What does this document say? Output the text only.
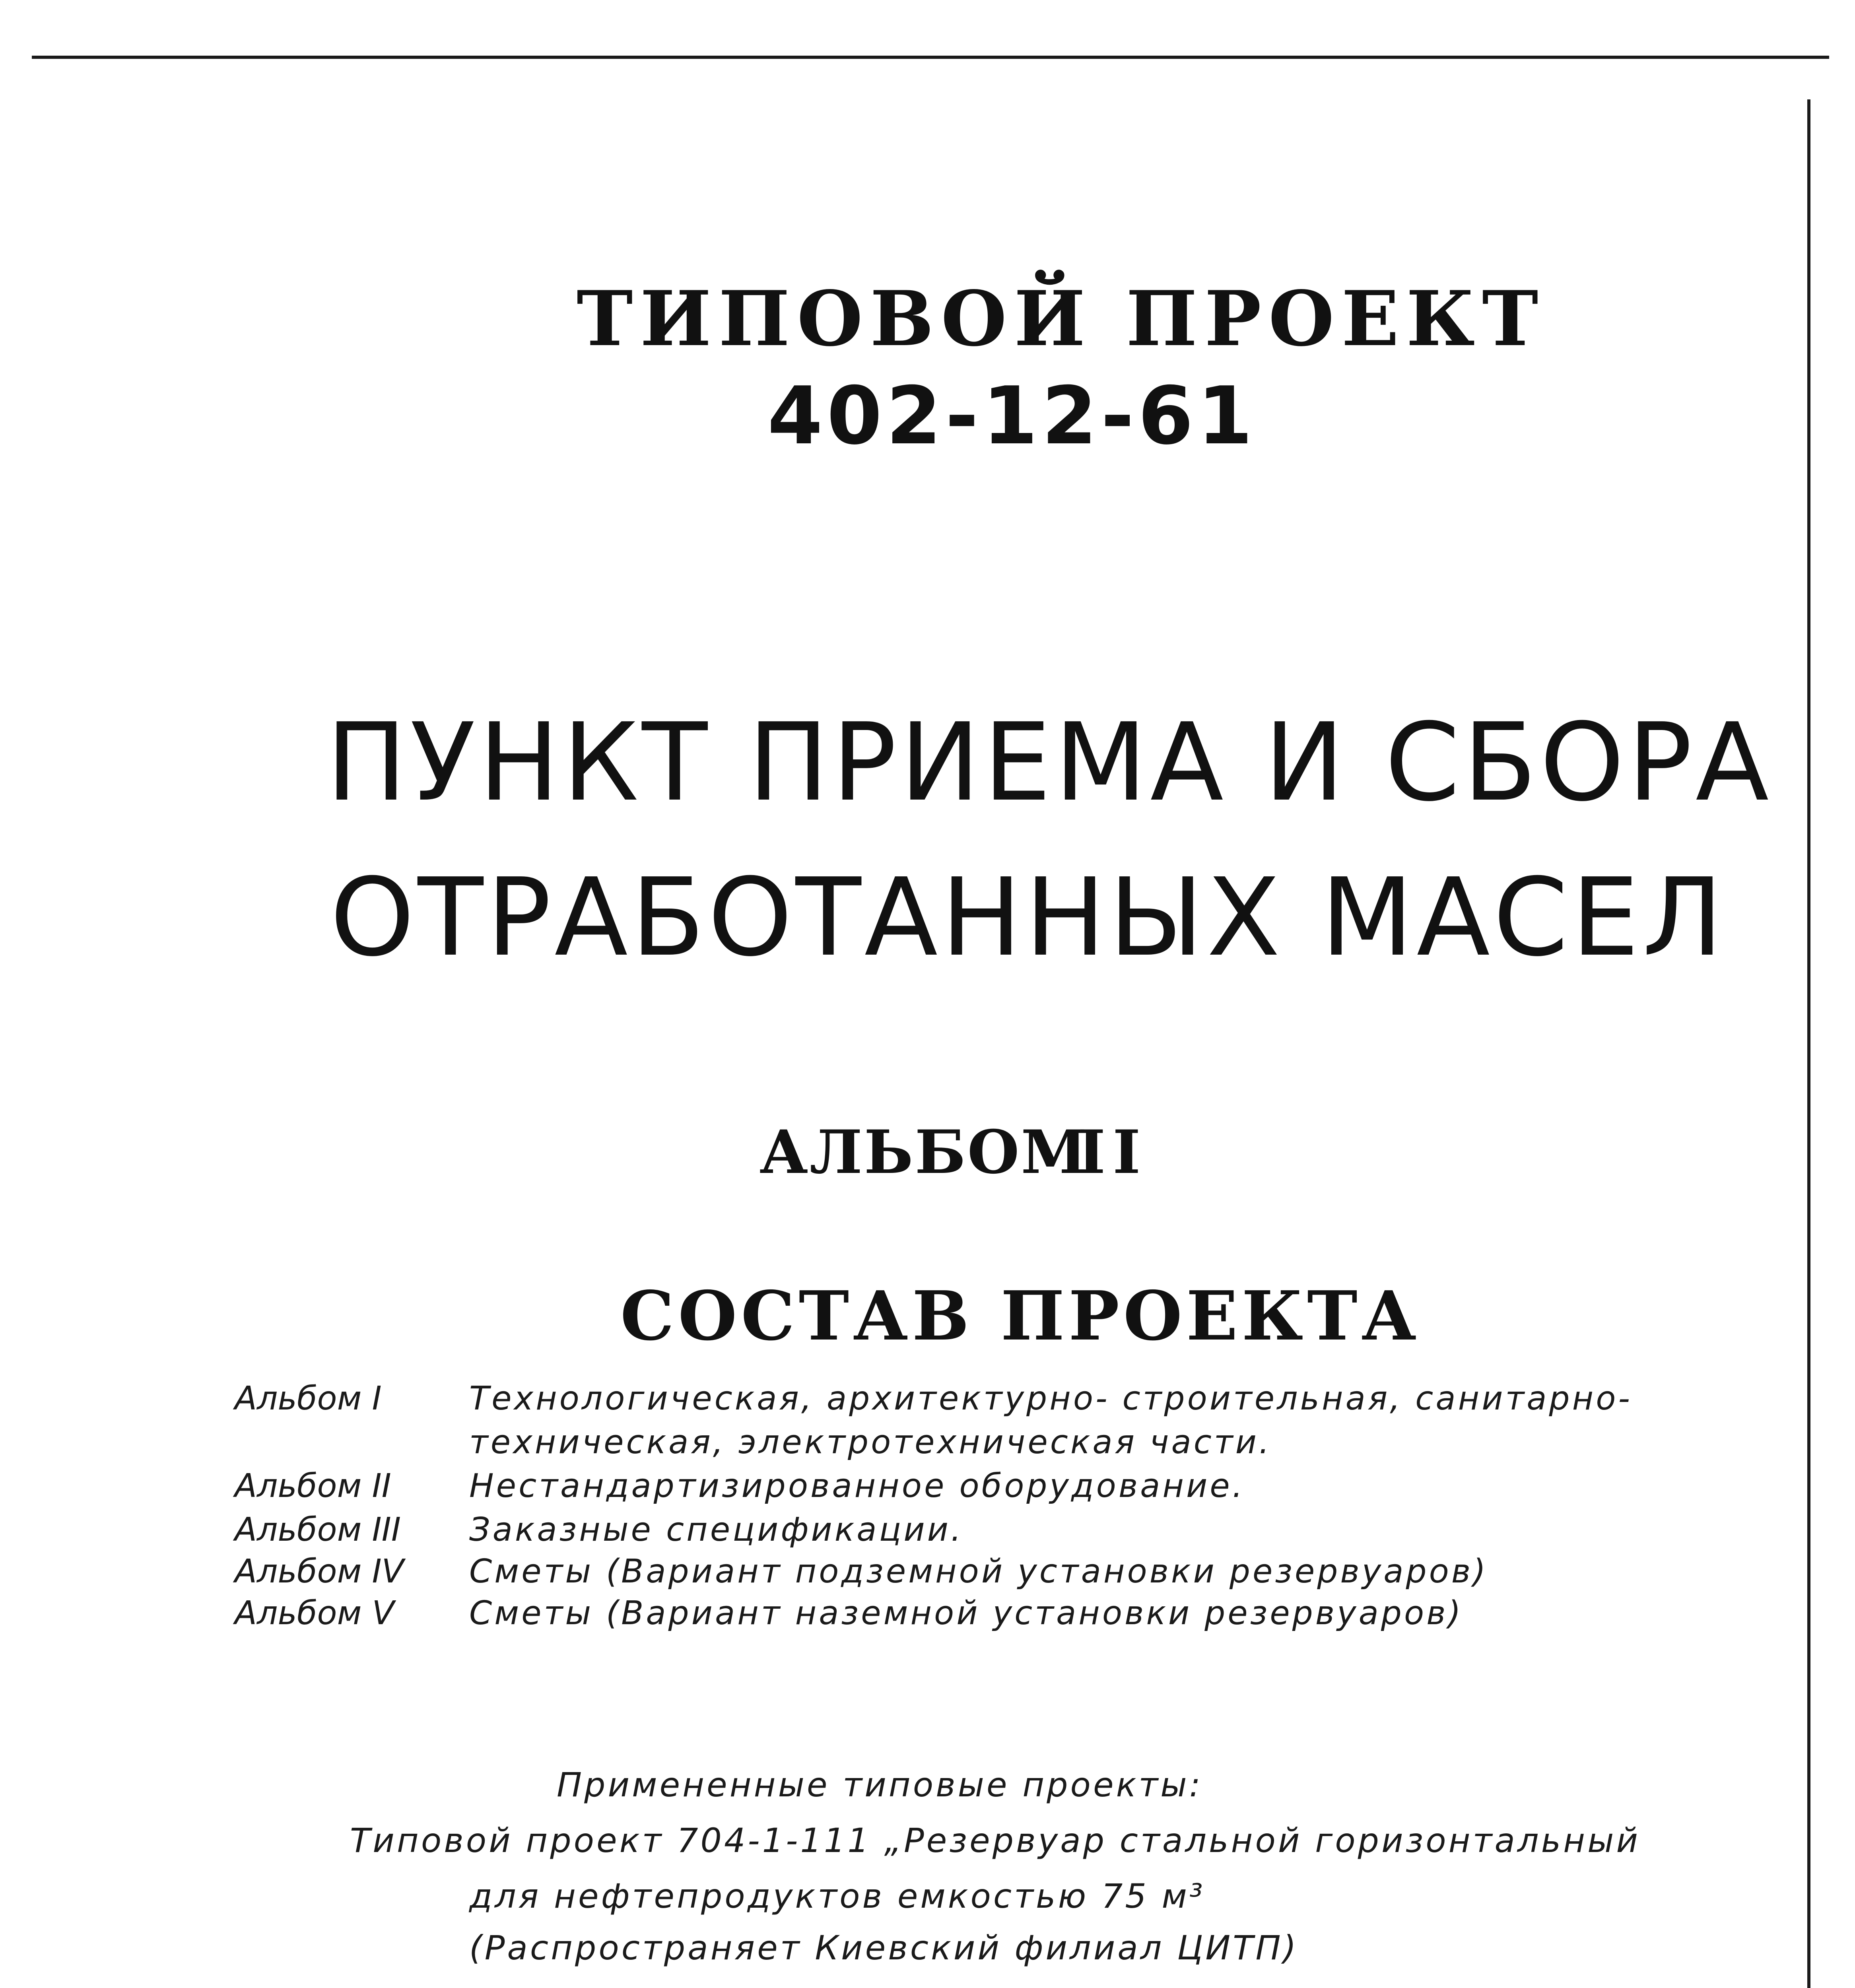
ТИПОВОЙ ПРОЕКТ
402-12-61
ПУНКТ ПРИЕМА И СБОРА
ОТРАБОТАННЫХ МАСЕЛ
АЛЬБОМ
II
СОСТАВ ПРОЕКТА
Альбом I	Технологическая, архитектурно- строительная, санитарно-
техническая, электротехническая части.
Альбом II Нестандартизированное оборудование.
Альбом III Заказные спецификации.
Альбом IV Сметы (Вариант подземной установки резервуаров)
Альбом V Сметы (Вариант наземной установки резервуаров)
Примененные типовые проекты:
Типовой проект 704-1-111 „Резервуар стальной горизонтальный
для нефтепродуктов емкостью 75 м³
(Распространяет Киевский филиал ЦИТП)
